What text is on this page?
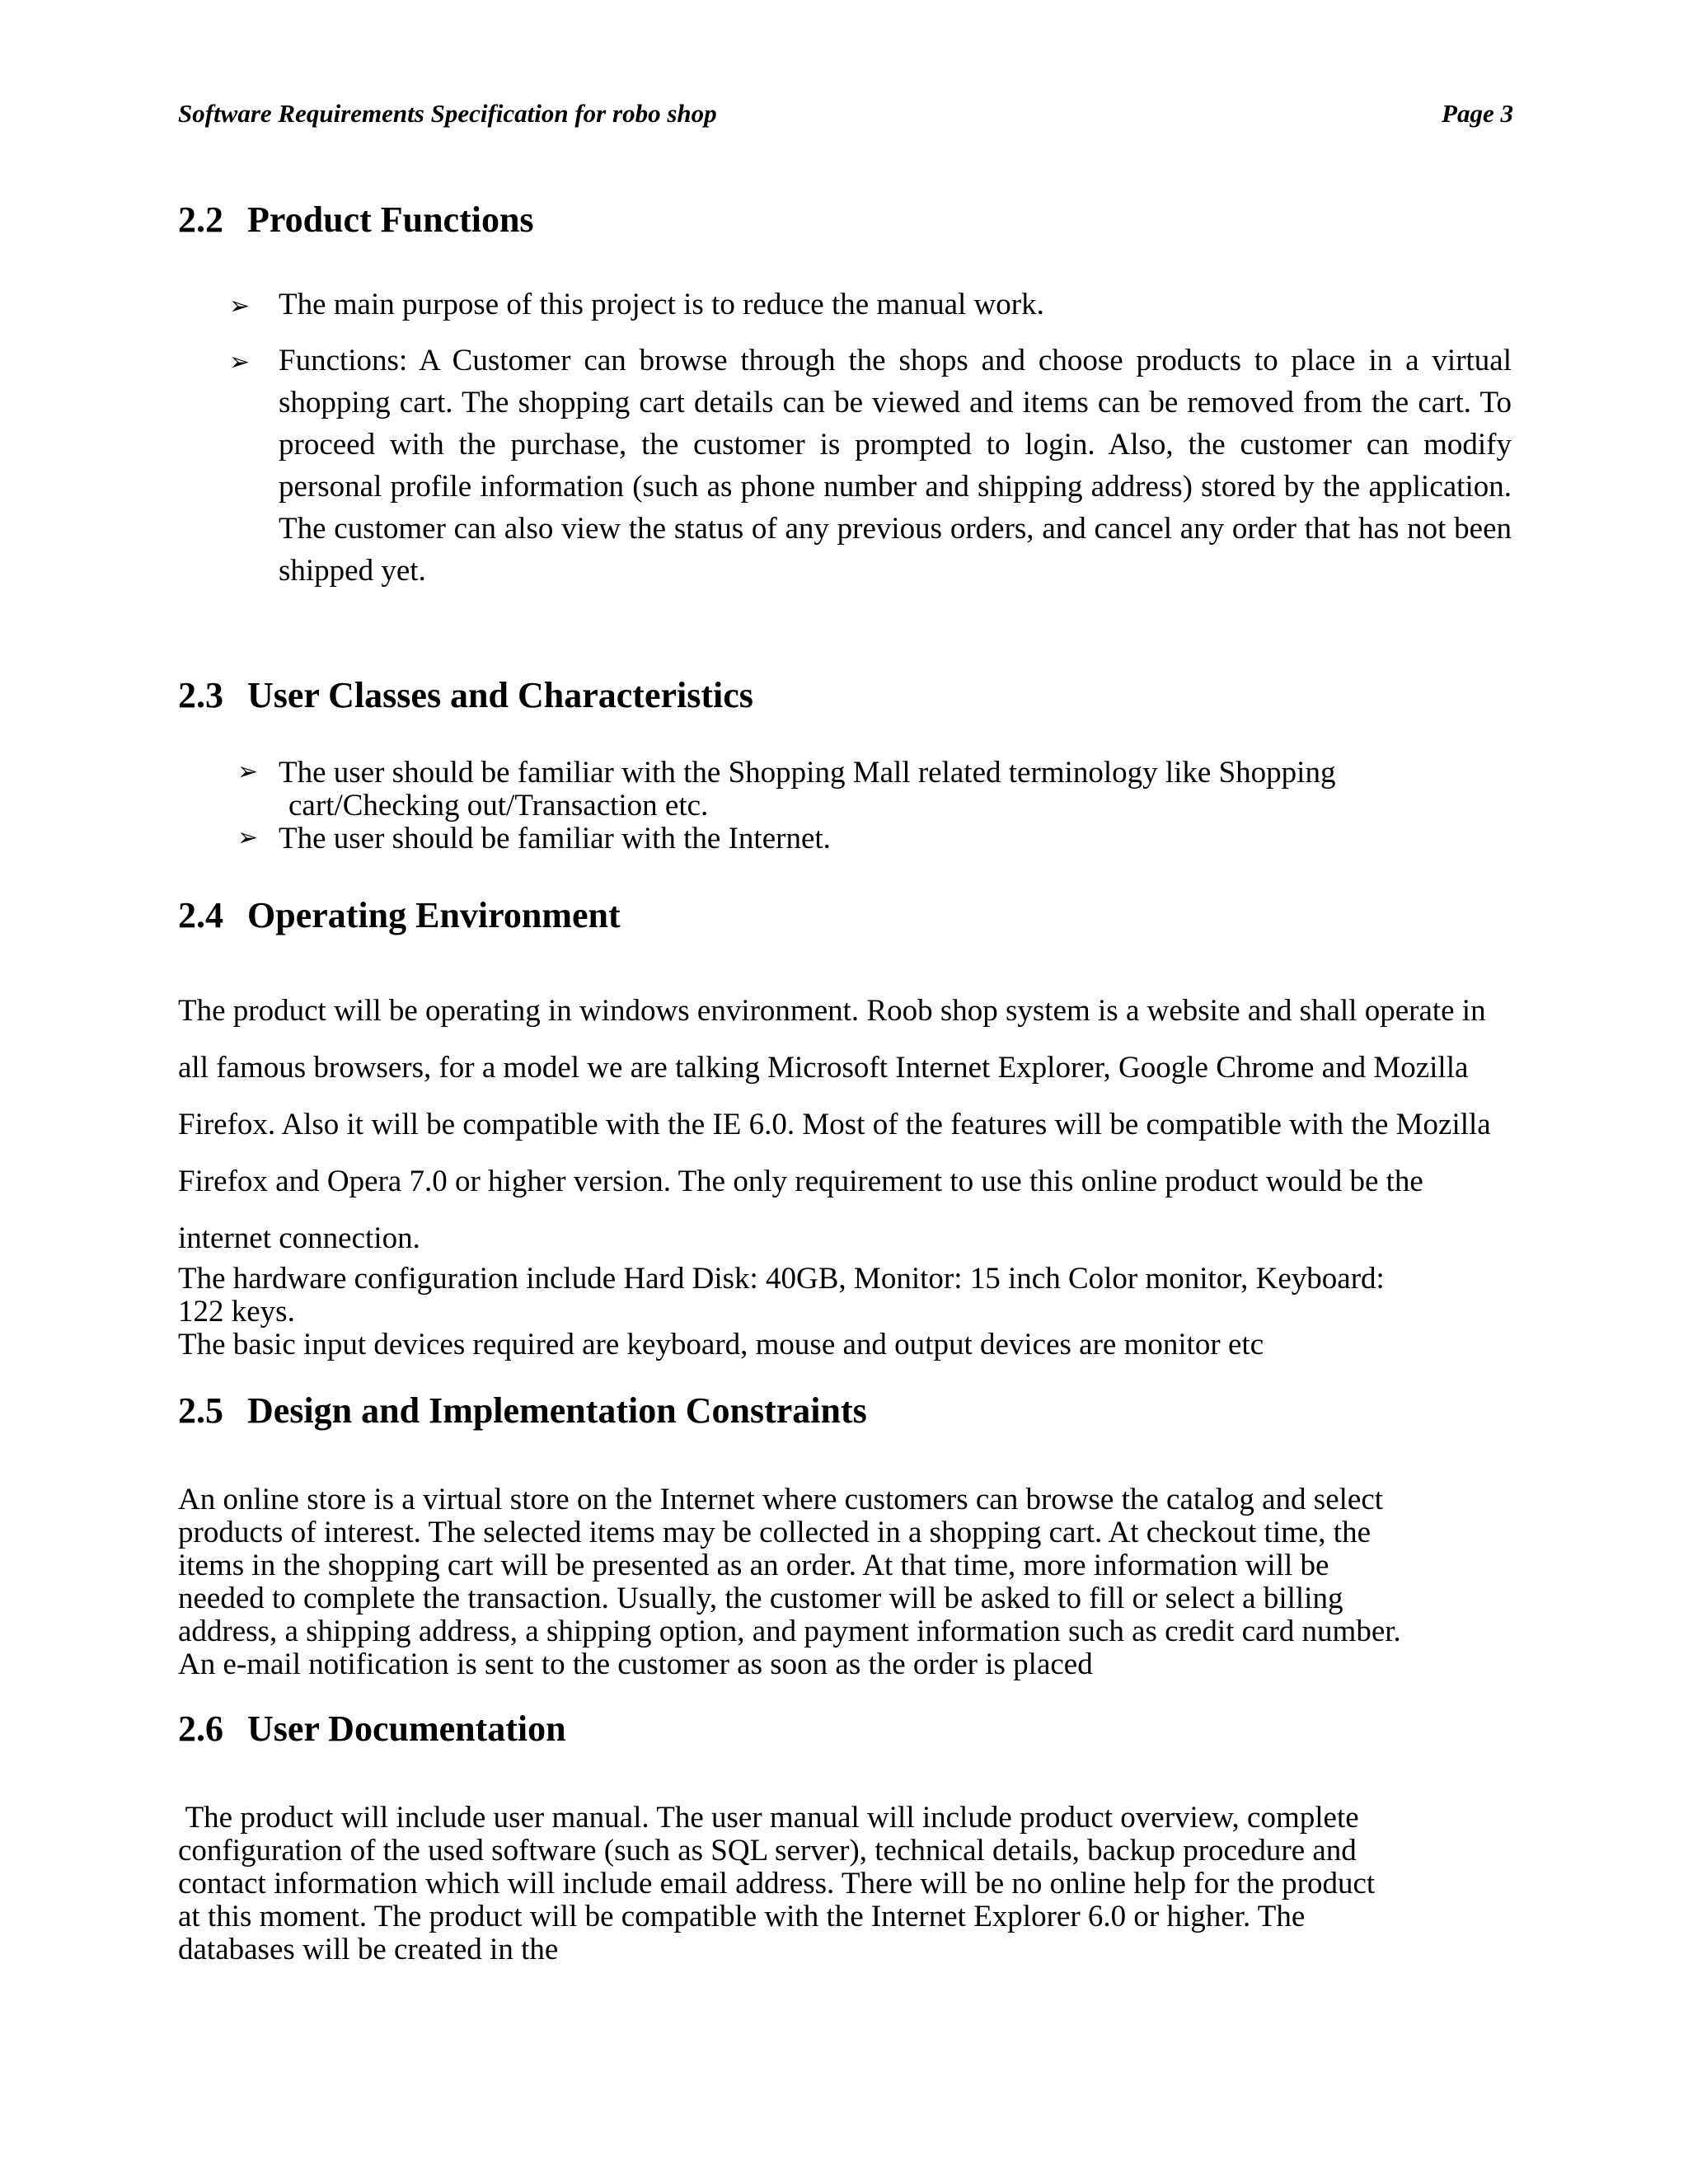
Software Requirements Specification for robo shop	Page 3
2.2 Product Functions
➢ The main purpose of this project is to reduce the manual work.
➢ Functions: A Customer can browse through the shops and choose products to place in a virtual shopping cart. The shopping cart details can be viewed and items can be removed from the cart. To proceed with the purchase, the customer is prompted to login. Also, the customer can modify personal profile information (such as phone number and shipping address) stored by the application. The customer can also view the status of any previous orders, and cancel any order that has not been shipped yet.
2.3 User Classes and Characteristics
➢ The user should be familiar with the Shopping Mall related terminology like Shopping
cart/Checking out/Transaction etc.
➢ The user should be familiar with the Internet.
2.4 Operating Environment

The product will be operating in windows environment. Roob shop system is a website and shall operate in all famous browsers, for a model we are talking Microsoft Internet Explorer, Google Chrome and Mozilla Firefox. Also it will be compatible with the IE 6.0. Most of the features will be compatible with the Mozilla Firefox and Opera 7.0 or higher version. The only requirement to use this online product would be the internet connection.

The hardware configuration include Hard Disk: 40GB, Monitor: 15 inch Color monitor, Keyboard:
122 keys.
The basic input devices required are keyboard, mouse and output devices are monitor etc
2.5 Design and Implementation Constraints
An online store is a virtual store on the Internet where customers can browse the catalog and select
products of interest. The selected items may be collected in a shopping cart. At checkout time, the
items in the shopping cart will be presented as an order. At that time, more information will be
needed to complete the transaction. Usually, the customer will be asked to fill or select a billing
address, a shipping address, a shipping option, and payment information such as credit card number.
An e-mail notification is sent to the customer as soon as the order is placed
2.6 User Documentation
The product will include user manual. The user manual will include product overview, complete
configuration of the used software (such as SQL server), technical details, backup procedure and
contact information which will include email address. There will be no online help for the product
at this moment. The product will be compatible with the Internet Explorer 6.0 or higher. The
databases will be created in the
